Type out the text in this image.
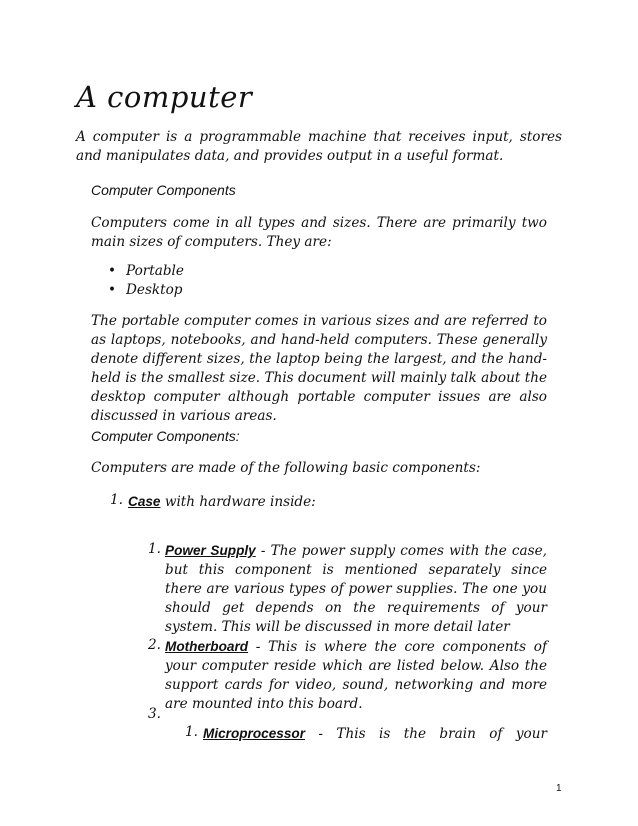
A computer

A computer is a programmable machine that receives input, stores and manipulates data, and provides output in a useful format.

Computer Components

Computers come in all types and sizes. There are primarily two main sizes of computers. They are:

• Portable
• Desktop

The portable computer comes in various sizes and are referred to as laptops, notebooks, and hand-held computers. These generally denote different sizes, the laptop being the largest, and the hand-held is the smallest size. This document will mainly talk about the desktop computer although portable computer issues are also discussed in various areas.

Computer Components:

Computers are made of the following basic components:

1. Case with hardware inside:

1. Power Supply - The power supply comes with the case, but this component is mentioned separately since there are various types of power supplies. The one you should get depends on the requirements of your system. This will be discussed in more detail later

2. Motherboard - This is where the core components of your computer reside which are listed below. Also the support cards for video, sound, networking and more are mounted into this board.

3.
1. Microprocessor - This is the brain of your

1
